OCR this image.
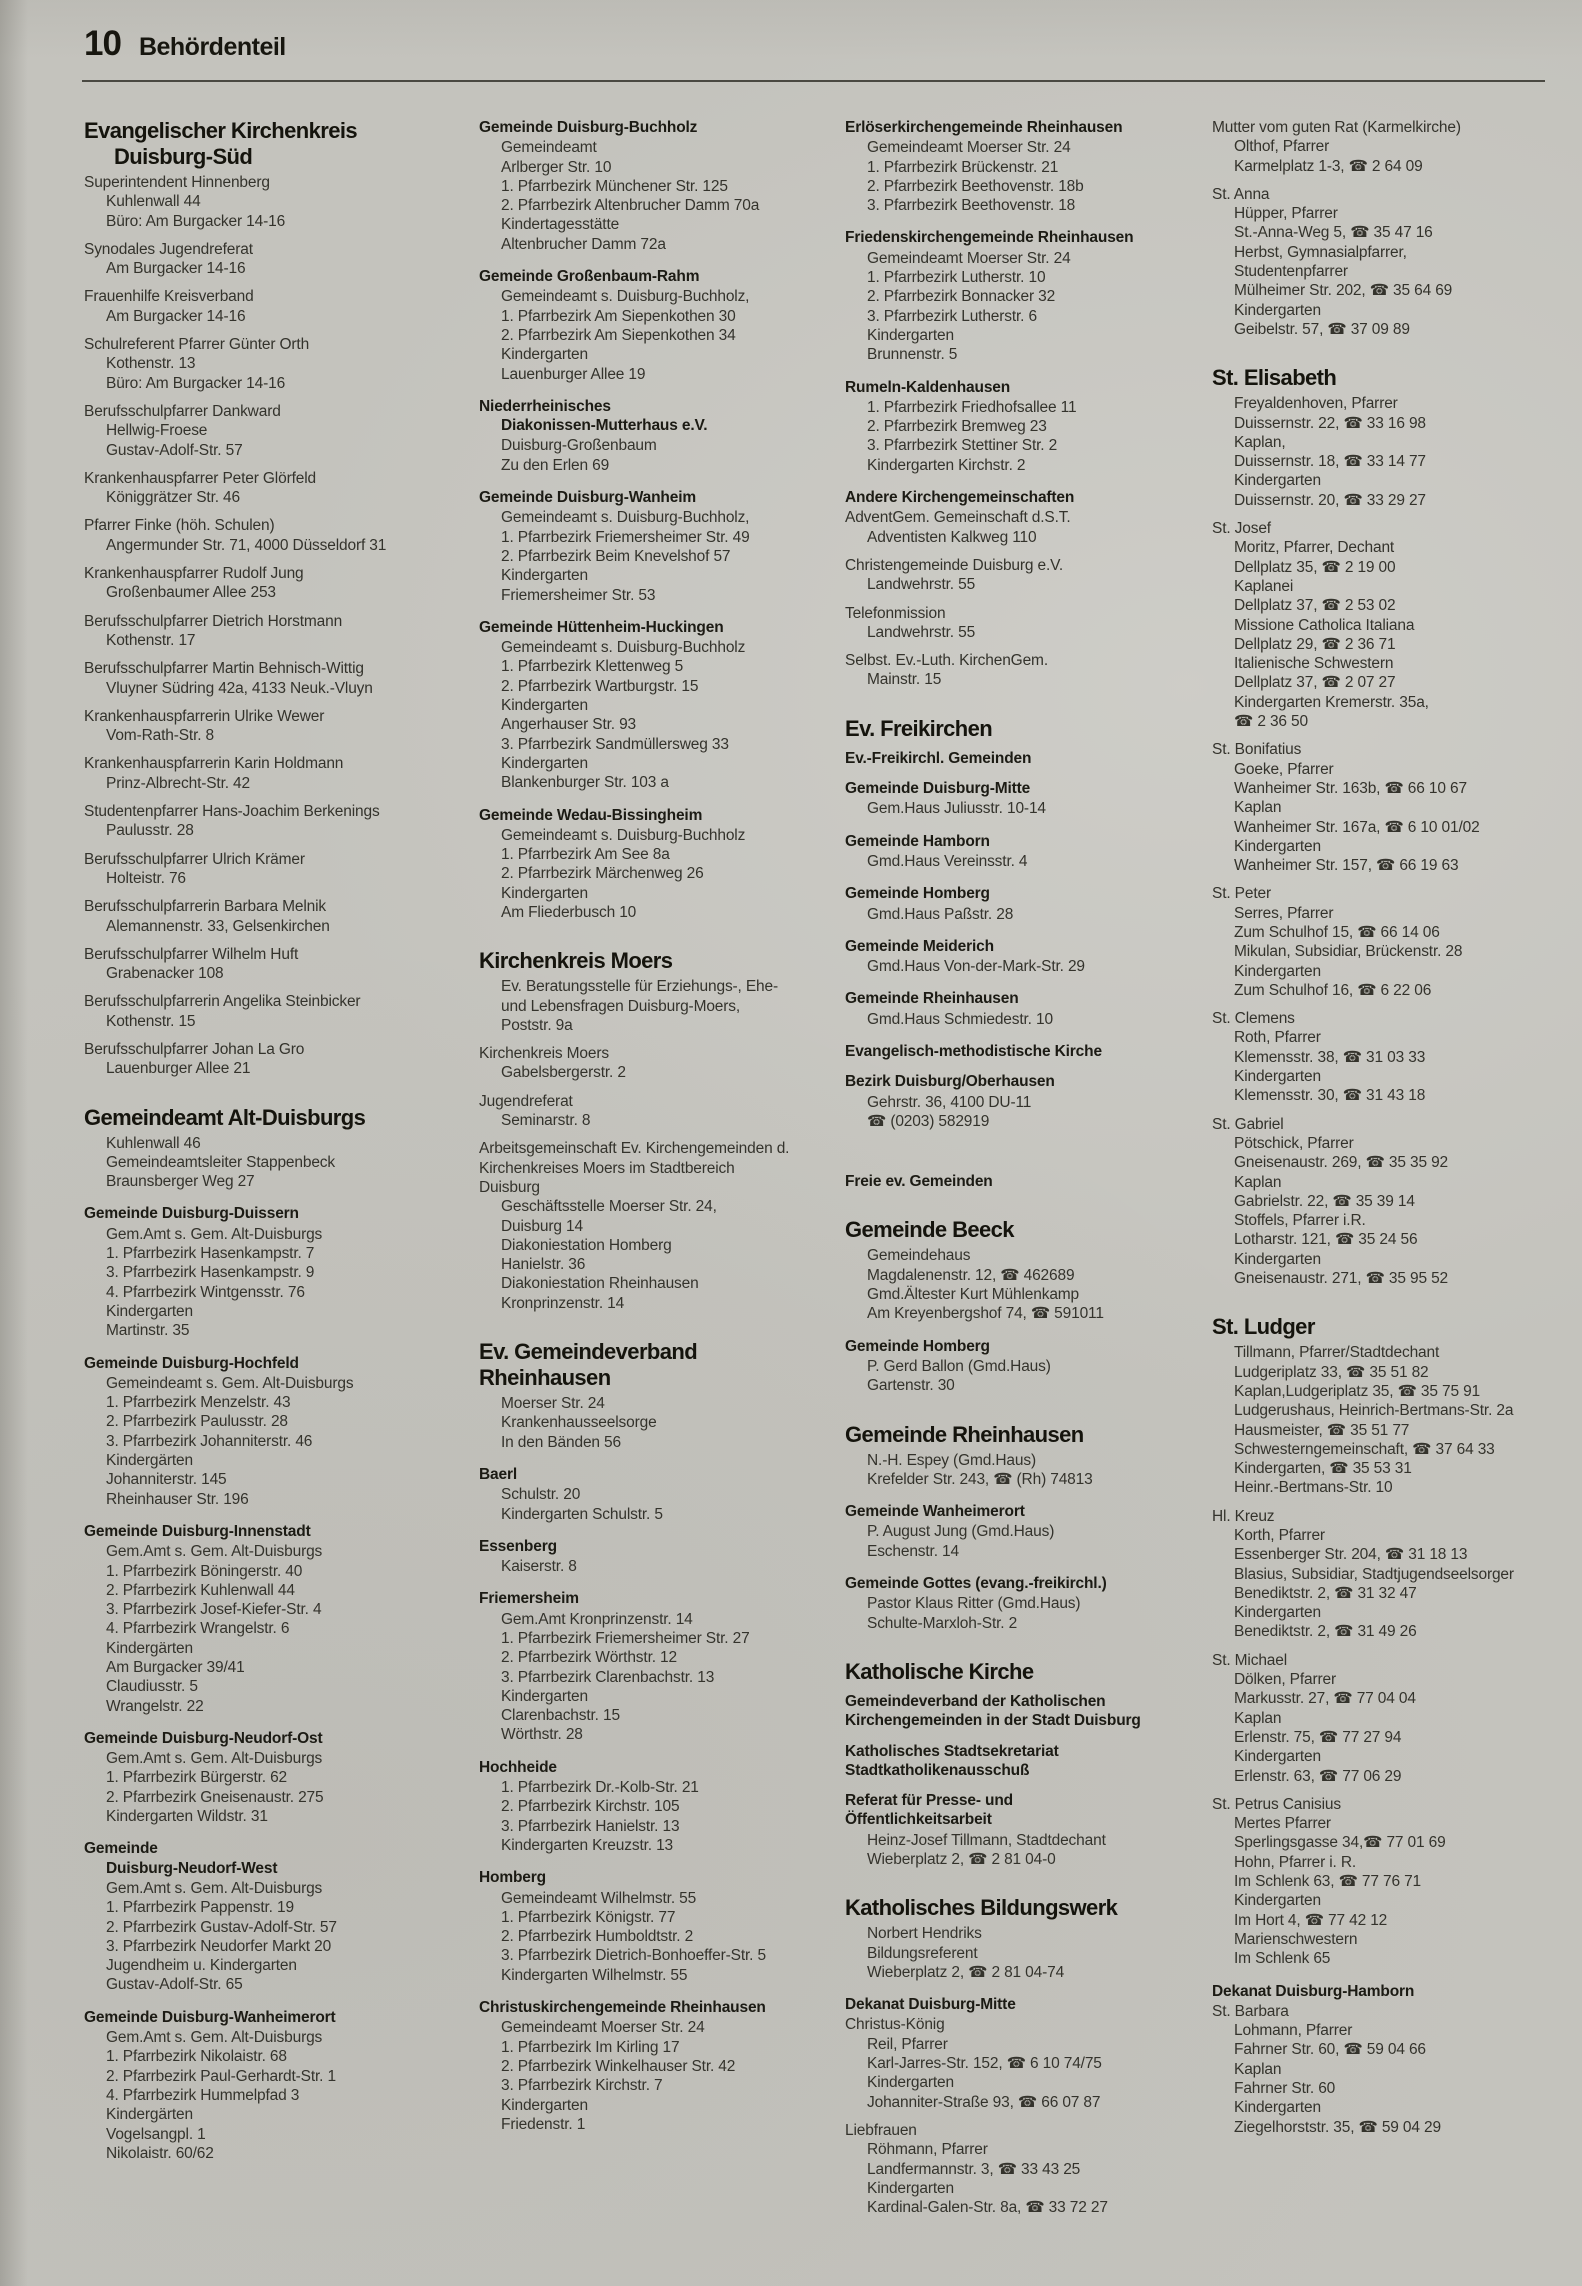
10 Behördenteil
Evangelischer Kirchenkreis
Duisburg-Süd
Superintendent Hinnenberg
Kuhlenwall 44
Büro: Am Burgacker 14-16
Synodales Jugendreferat
Am Burgacker 14-16
Frauenhilfe Kreisverband
Am Burgacker 14-16
Schulreferent Pfarrer Günter Orth
Kothenstr. 13
Büro: Am Burgacker 14-16
Berufsschulpfarrer Dankward
Hellwig-Froese
Gustav-Adolf-Str. 57
Krankenhauspfarrer Peter Glörfeld
Königgrätzer Str. 46
Pfarrer Finke (höh. Schulen)
Angermunder Str. 71, 4000 Düsseldorf 31
Krankenhauspfarrer Rudolf Jung
Großenbaumer Allee 253
Berufsschulpfarrer Dietrich Horstmann
Kothenstr. 17
Berufsschulpfarrer Martin Behnisch-Wittig
Vluyner Südring 42a, 4133 Neuk.-Vluyn
Krankenhauspfarrerin Ulrike Wewer
Vom-Rath-Str. 8
Krankenhauspfarrerin Karin Holdmann
Prinz-Albrecht-Str. 42
Studentenpfarrer Hans-Joachim Berkenings
Paulusstr. 28
Berufsschulpfarrer Ulrich Krämer
Holteistr. 76
Berufsschulpfarrerin Barbara Melnik
Alemannenstr. 33, Gelsenkirchen
Berufsschulpfarrer Wilhelm Huft
Grabenacker 108
Berufsschulpfarrerin Angelika Steinbicker
Kothenstr. 15
Berufsschulpfarrer Johan La Gro
Lauenburger Allee 21
Gemeindeamt Alt-Duisburgs
Kuhlenwall 46
Gemeindeamtsleiter Stappenbeck
Braunsberger Weg 27
Gemeinde Duisburg-Duissern
Gem.Amt s. Gem. Alt-Duisburgs
1. Pfarrbezirk Hasenkampstr. 7
3. Pfarrbezirk Hasenkampstr. 9
4. Pfarrbezirk Wintgensstr. 76
Kindergarten
Martinstr. 35
Gemeinde Duisburg-Hochfeld
Gemeindeamt s. Gem. Alt-Duisburgs
1. Pfarrbezirk Menzelstr. 43
2. Pfarrbezirk Paulusstr. 28
3. Pfarrbezirk Johanniterstr. 46
Kindergärten
Johanniterstr. 145
Rheinhauser Str. 196
Gemeinde Duisburg-Innenstadt
Gem.Amt s. Gem. Alt-Duisburgs
1. Pfarrbezirk Böningerstr. 40
2. Pfarrbezirk Kuhlenwall 44
3. Pfarrbezirk Josef-Kiefer-Str. 4
4. Pfarrbezirk Wrangelstr. 6
Kindergärten
Am Burgacker 39/41
Claudiusstr. 5
Wrangelstr. 22
Gemeinde Duisburg-Neudorf-Ost
Gem.Amt s. Gem. Alt-Duisburgs
1. Pfarrbezirk Bürgerstr. 62
2. Pfarrbezirk Gneisenaustr. 275
Kindergarten Wildstr. 31
Gemeinde
Duisburg-Neudorf-West
Gem.Amt s. Gem. Alt-Duisburgs
1. Pfarrbezirk Pappenstr. 19
2. Pfarrbezirk Gustav-Adolf-Str. 57
3. Pfarrbezirk Neudorfer Markt 20
Jugendheim u. Kindergarten
Gustav-Adolf-Str. 65
Gemeinde Duisburg-Wanheimerort
Gem.Amt s. Gem. Alt-Duisburgs
1. Pfarrbezirk Nikolaistr. 68
2. Pfarrbezirk Paul-Gerhardt-Str. 1
4. Pfarrbezirk Hummelpfad 3
Kindergärten
Vogelsangpl. 1
Nikolaistr. 60/62
Gemeinde Duisburg-Buchholz
Gemeindeamt
Arlberger Str. 10
1. Pfarrbezirk Münchener Str. 125
2. Pfarrbezirk Altenbrucher Damm 70a
Kindertagesstätte
Altenbrucher Damm 72a
Gemeinde Großenbaum-Rahm
Gemeindeamt s. Duisburg-Buchholz,
1. Pfarrbezirk Am Siepenkothen 30
2. Pfarrbezirk Am Siepenkothen 34
Kindergarten
Lauenburger Allee 19
Niederrheinisches
Diakonissen-Mutterhaus e.V.
Duisburg-Großenbaum
Zu den Erlen 69
Gemeinde Duisburg-Wanheim
Gemeindeamt s. Duisburg-Buchholz,
1. Pfarrbezirk Friemersheimer Str. 49
2. Pfarrbezirk Beim Knevelshof 57
Kindergarten
Friemersheimer Str. 53
Gemeinde Hüttenheim-Huckingen
Gemeindeamt s. Duisburg-Buchholz
1. Pfarrbezirk Klettenweg 5
2. Pfarrbezirk Wartburgstr. 15
Kindergarten
Angerhauser Str. 93
3. Pfarrbezirk Sandmüllersweg 33
Kindergarten
Blankenburger Str. 103 a
Gemeinde Wedau-Bissingheim
Gemeindeamt s. Duisburg-Buchholz
1. Pfarrbezirk Am See 8a
2. Pfarrbezirk Märchenweg 26
Kindergarten
Am Fliederbusch 10
Kirchenkreis Moers
Ev. Beratungsstelle für Erziehungs-, Ehe-
und Lebensfragen Duisburg-Moers,
Poststr. 9a
Kirchenkreis Moers
Gabelsbergerstr. 2
Jugendreferat
Seminarstr. 8
Arbeitsgemeinschaft Ev. Kirchengemeinden d.
Kirchenkreises Moers im Stadtbereich
Duisburg
Geschäftsstelle Moerser Str. 24,
Duisburg 14
Diakoniestation Homberg
Hanielstr. 36
Diakoniestation Rheinhausen
Kronprinzenstr. 14
Ev. Gemeindeverband
Rheinhausen
Moerser Str. 24
Krankenhausseelsorge
In den Bänden 56
Baerl
Schulstr. 20
Kindergarten Schulstr. 5
Essenberg
Kaiserstr. 8
Friemersheim
Gem.Amt Kronprinzenstr. 14
1. Pfarrbezirk Friemersheimer Str. 27
2. Pfarrbezirk Wörthstr. 12
3. Pfarrbezirk Clarenbachstr. 13
Kindergarten
Clarenbachstr. 15
Wörthstr. 28
Hochheide
1. Pfarrbezirk Dr.-Kolb-Str. 21
2. Pfarrbezirk Kirchstr. 105
3. Pfarrbezirk Hanielstr. 13
Kindergarten Kreuzstr. 13
Homberg
Gemeindeamt Wilhelmstr. 55
1. Pfarrbezirk Königstr. 77
2. Pfarrbezirk Humboldtstr. 2
3. Pfarrbezirk Dietrich-Bonhoeffer-Str. 5
Kindergarten Wilhelmstr. 55
Christuskirchengemeinde Rheinhausen
Gemeindeamt Moerser Str. 24
1. Pfarrbezirk Im Kirling 17
2. Pfarrbezirk Winkelhauser Str. 42
3. Pfarrbezirk Kirchstr. 7
Kindergarten
Friedenstr. 1
Erlöserkirchengemeinde Rheinhausen
Gemeindeamt Moerser Str. 24
1. Pfarrbezirk Brückenstr. 21
2. Pfarrbezirk Beethovenstr. 18b
3. Pfarrbezirk Beethovenstr. 18
Friedenskirchengemeinde Rheinhausen
Gemeindeamt Moerser Str. 24
1. Pfarrbezirk Lutherstr. 10
2. Pfarrbezirk Bonnacker 32
3. Pfarrbezirk Lutherstr. 6
Kindergarten
Brunnenstr. 5
Rumeln-Kaldenhausen
1. Pfarrbezirk Friedhofsallee 11
2. Pfarrbezirk Bremweg 23
3. Pfarrbezirk Stettiner Str. 2
Kindergarten Kirchstr. 2
Andere Kirchengemeinschaften
AdventGem. Gemeinschaft d.S.T.
Adventisten Kalkweg 110
Christengemeinde Duisburg e.V.
Landwehrstr. 55
Telefonmission
Landwehrstr. 55
Selbst. Ev.-Luth. KirchenGem.
Mainstr. 15
Ev. Freikirchen
Ev.-Freikirchl. Gemeinden
Gemeinde Duisburg-Mitte
Gem.Haus Juliusstr. 10-14
Gemeinde Hamborn
Gmd.Haus Vereinsstr. 4
Gemeinde Homberg
Gmd.Haus Paßstr. 28
Gemeinde Meiderich
Gmd.Haus Von-der-Mark-Str. 29
Gemeinde Rheinhausen
Gmd.Haus Schmiedestr. 10
Evangelisch-methodistische Kirche
Bezirk Duisburg/Oberhausen
Gehrstr. 36, 4100 DU-11
☎ (0203) 582919
Freie ev. Gemeinden
Gemeinde Beeck
Gemeindehaus
Magdalenenstr. 12, ☎ 462689
Gmd.Ältester Kurt Mühlenkamp
Am Kreyenbergshof 74, ☎ 591011
Gemeinde Homberg
P. Gerd Ballon (Gmd.Haus)
Gartenstr. 30
Gemeinde Rheinhausen
N.-H. Espey (Gmd.Haus)
Krefelder Str. 243, ☎ (Rh) 74813
Gemeinde Wanheimerort
P. August Jung (Gmd.Haus)
Eschenstr. 14
Gemeinde Gottes (evang.-freikirchl.)
Pastor Klaus Ritter (Gmd.Haus)
Schulte-Marxloh-Str. 2
Katholische Kirche
Gemeindeverband der Katholischen
Kirchengemeinden in der Stadt Duisburg
Katholisches Stadtsekretariat
Stadtkatholikenausschuß
Referat für Presse- und
Öffentlichkeitsarbeit
Heinz-Josef Tillmann, Stadtdechant
Wieberplatz 2, ☎ 2 81 04-0
Katholisches Bildungswerk
Norbert Hendriks
Bildungsreferent
Wieberplatz 2, ☎ 2 81 04-74
Dekanat Duisburg-Mitte
Christus-König
Reil, Pfarrer
Karl-Jarres-Str. 152, ☎ 6 10 74/75
Kindergarten
Johanniter-Straße 93, ☎ 66 07 87
Liebfrauen
Röhmann, Pfarrer
Landfermannstr. 3, ☎ 33 43 25
Kindergarten
Kardinal-Galen-Str. 8a, ☎ 33 72 27
Mutter vom guten Rat (Karmelkirche)
Olthof, Pfarrer
Karmelplatz 1-3, ☎ 2 64 09
St. Anna
Hüpper, Pfarrer
St.-Anna-Weg 5, ☎ 35 47 16
Herbst, Gymnasialpfarrer,
Studentenpfarrer
Mülheimer Str. 202, ☎ 35 64 69
Kindergarten
Geibelstr. 57, ☎ 37 09 89
St. Elisabeth
Freyaldenhoven, Pfarrer
Duissernstr. 22, ☎ 33 16 98
Kaplan,
Duissernstr. 18, ☎ 33 14 77
Kindergarten
Duissernstr. 20, ☎ 33 29 27
St. Josef
Moritz, Pfarrer, Dechant
Dellplatz 35, ☎ 2 19 00
Kaplanei
Dellplatz 37, ☎ 2 53 02
Missione Catholica Italiana
Dellplatz 29, ☎ 2 36 71
Italienische Schwestern
Dellplatz 37, ☎ 2 07 27
Kindergarten Kremerstr. 35a,
☎ 2 36 50
St. Bonifatius
Goeke, Pfarrer
Wanheimer Str. 163b, ☎ 66 10 67
Kaplan
Wanheimer Str. 167a, ☎ 6 10 01/02
Kindergarten
Wanheimer Str. 157, ☎ 66 19 63
St. Peter
Serres, Pfarrer
Zum Schulhof 15, ☎ 66 14 06
Mikulan, Subsidiar, Brückenstr. 28
Kindergarten
Zum Schulhof 16, ☎ 6 22 06
St. Clemens
Roth, Pfarrer
Klemensstr. 38, ☎ 31 03 33
Kindergarten
Klemensstr. 30, ☎ 31 43 18
St. Gabriel
Pötschick, Pfarrer
Gneisenaustr. 269, ☎ 35 35 92
Kaplan
Gabrielstr. 22, ☎ 35 39 14
Stoffels, Pfarrer i.R.
Lotharstr. 121, ☎ 35 24 56
Kindergarten
Gneisenaustr. 271, ☎ 35 95 52
St. Ludger
Tillmann, Pfarrer/Stadtdechant
Ludgeriplatz 33, ☎ 35 51 82
Kaplan,Ludgeriplatz 35, ☎ 35 75 91
Ludgerushaus, Heinrich-Bertmans-Str. 2a
Hausmeister, ☎ 35 51 77
Schwesterngemeinschaft, ☎ 37 64 33
Kindergarten, ☎ 35 53 31
Heinr.-Bertmans-Str. 10
Hl. Kreuz
Korth, Pfarrer
Essenberger Str. 204, ☎ 31 18 13
Blasius, Subsidiar, Stadtjugendseelsorger
Benediktstr. 2, ☎ 31 32 47
Kindergarten
Benediktstr. 2, ☎ 31 49 26
St. Michael
Dölken, Pfarrer
Markusstr. 27, ☎ 77 04 04
Kaplan
Erlenstr. 75, ☎ 77 27 94
Kindergarten
Erlenstr. 63, ☎ 77 06 29
St. Petrus Canisius
Mertes Pfarrer
Sperlingsgasse 34,☎ 77 01 69
Hohn, Pfarrer i. R.
Im Schlenk 63, ☎ 77 76 71
Kindergarten
Im Hort 4, ☎ 77 42 12
Marienschwestern
Im Schlenk 65
Dekanat Duisburg-Hamborn
St. Barbara
Lohmann, Pfarrer
Fahrner Str. 60, ☎ 59 04 66
Kaplan
Fahrner Str. 60
Kindergarten
Ziegelhorststr. 35, ☎ 59 04 29
